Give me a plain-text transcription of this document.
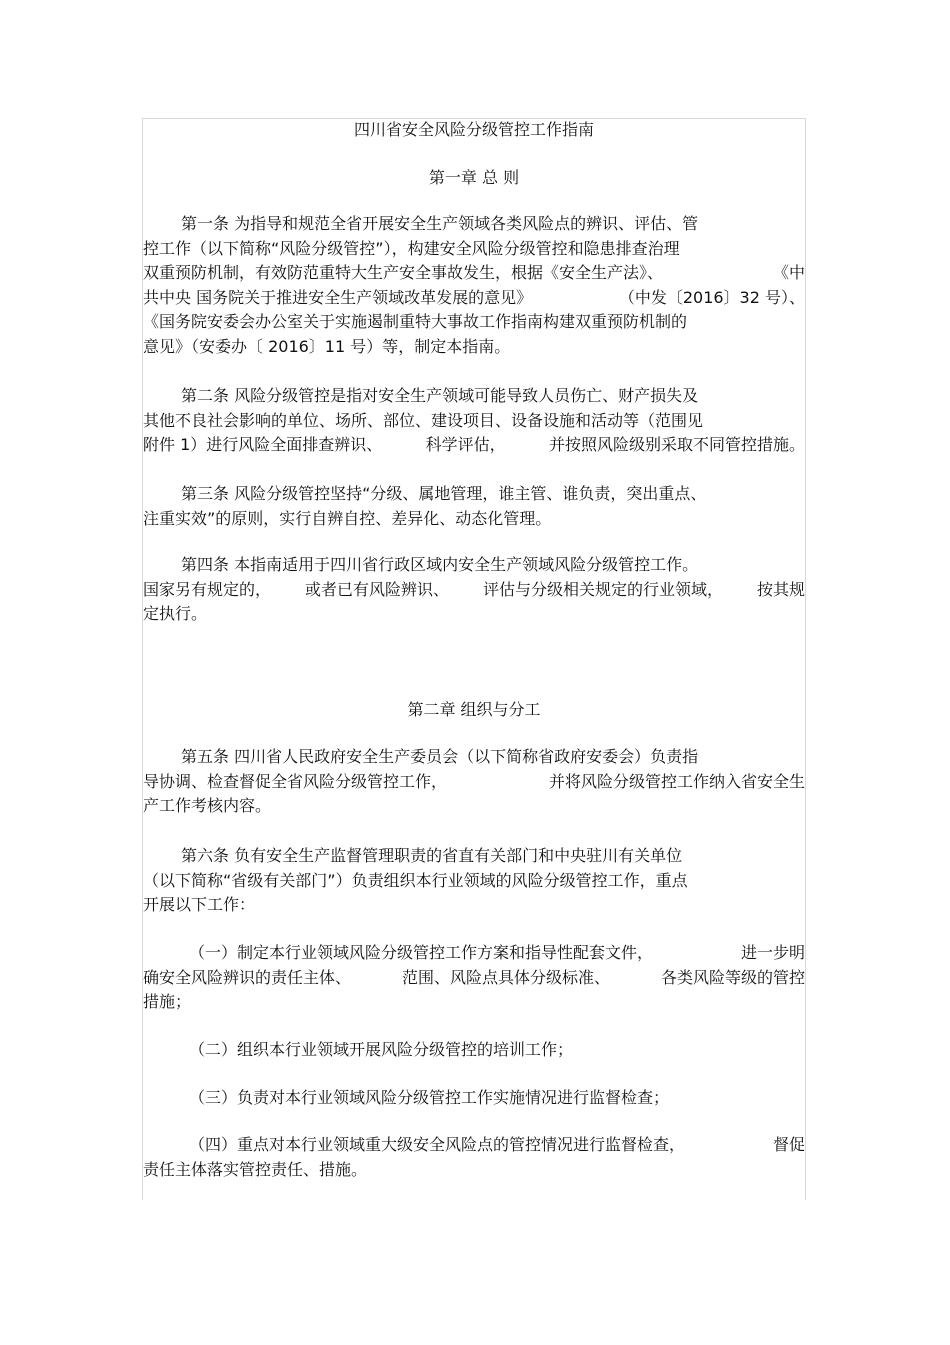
四川省安全风险分级管控工作指南
第一章 总 则
第二章 组织与分工
第一条 为指导和规范全省开展安全生产领域各类风险点的辨识、评估、管
控工作（以下简称“风险分级管控”），构建安全风险分级管控和隐患排查治理
双重预防机制，有效防范重特大生产安全事故发生，根据《安全生产法》、	《中
共中央 国务院关于推进安全生产领域改革发展的意见》	（中发〔2016〕32 号）、
《国务院安委会办公室关于实施遏制重特大事故工作指南构建双重预防机制的
意见》（安委办〔 2016〕11 号）等，制定本指南。
第二条 风险分级管控是指对安全生产领域可能导致人员伤亡、财产损失及
其他不良社会影响的单位、场所、部位、建设项目、设备设施和活动等（范围见
附件 1）进行风险全面排查辨识、	科学评估，	并按照风险级别采取不同管控措施。
第三条 风险分级管控坚持“分级、属地管理，谁主管、谁负责，突出重点、
注重实效”的原则，实行自辨自控、差异化、动态化管理。
第四条 本指南适用于四川省行政区域内安全生产领域风险分级管控工作。
国家另有规定的， 或者已有风险辨识、 评估与分级相关规定的行业领域， 按其规
定执行。
第五条 四川省人民政府安全生产委员会（以下简称省政府安委会）负责指
导协调、检查督促全省风险分级管控工作，	并将风险分级管控工作纳入省安全生
产工作考核内容。
第六条 负有安全生产监督管理职责的省直有关部门和中央驻川有关单位
（以下简称“省级有关部门”）负责组织本行业领域的风险分级管控工作，重点
开展以下工作：
（一）制定本行业领域风险分级管控工作方案和指导性配套文件，	进一步明
确安全风险辨识的责任主体、	范围、风险点具体分级标准、	各类风险等级的管控
措施；
（二）组织本行业领域开展风险分级管控的培训工作；
（三）负责对本行业领域风险分级管控工作实施情况进行监督检查；
（四）重点对本行业领域重大级安全风险点的管控情况进行监督检查，	督促
责任主体落实管控责任、措施。
